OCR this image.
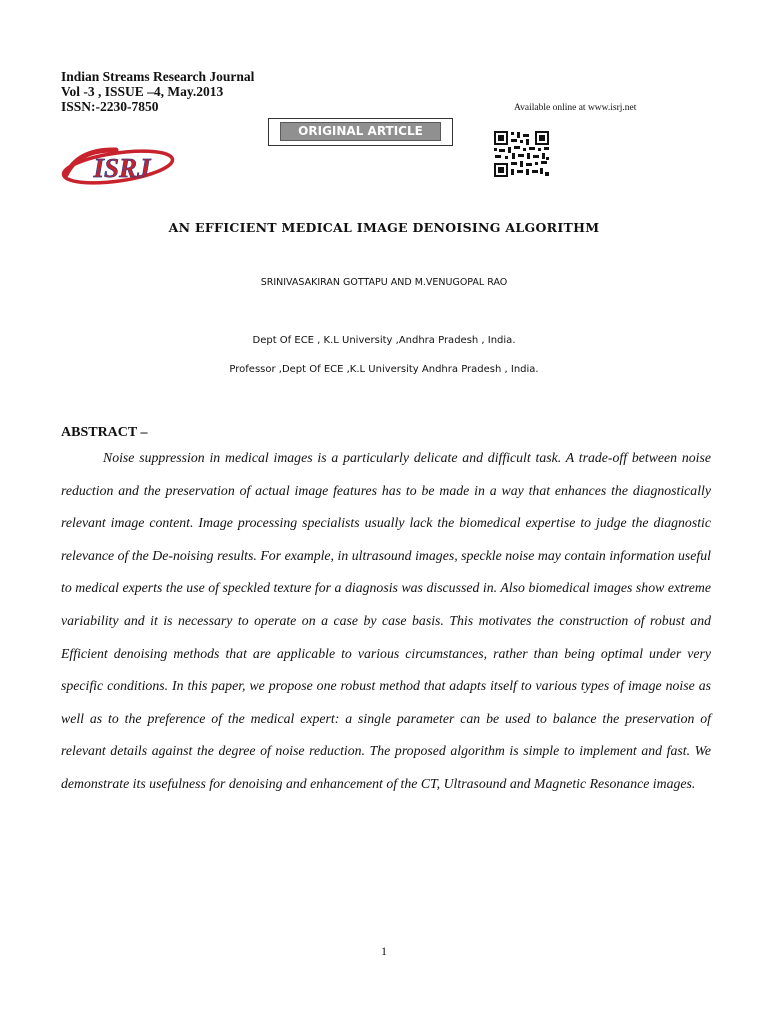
Indian Streams Research Journal
Vol -3 , ISSUE –4, May.2013
ISSN:-2230-7850	Available online at www.isrj.net
ORIGINAL ARTICLE
ISRJ
AN EFFICIENT MEDICAL IMAGE DENOISING ALGORITHM
SRINIVASAKIRAN GOTTAPU AND M.VENUGOPAL RAO
Dept Of ECE , K.L University ,Andhra Pradesh , India.
Professor ,Dept Of ECE ,K.L University Andhra Pradesh , India.
ABSTRACT –

Noise suppression in medical images is a particularly delicate and difficult task. A trade-off between noise reduction and the preservation of actual image features has to be made in a way that enhances the diagnostically relevant image content. Image processing specialists usually lack the biomedical expertise to judge the diagnostic relevance of the De-noising results. For example, in ultrasound images, speckle noise may contain information useful to medical experts the use of speckled texture for a diagnosis was discussed in. Also biomedical images show extreme variability and it is necessary to operate on a case by case basis. This motivates the construction of robust and Efficient denoising methods that are applicable to various circumstances, rather than being optimal under very specific conditions. In this paper, we propose one robust method that adapts itself to various types of image noise as well as to the preference of the medical expert: a single parameter can be used to balance the preservation of relevant details against the degree of noise reduction. The proposed algorithm is simple to implement and fast. We demonstrate its usefulness for denoising and enhancement of the CT, Ultrasound and Magnetic Resonance images.

1
